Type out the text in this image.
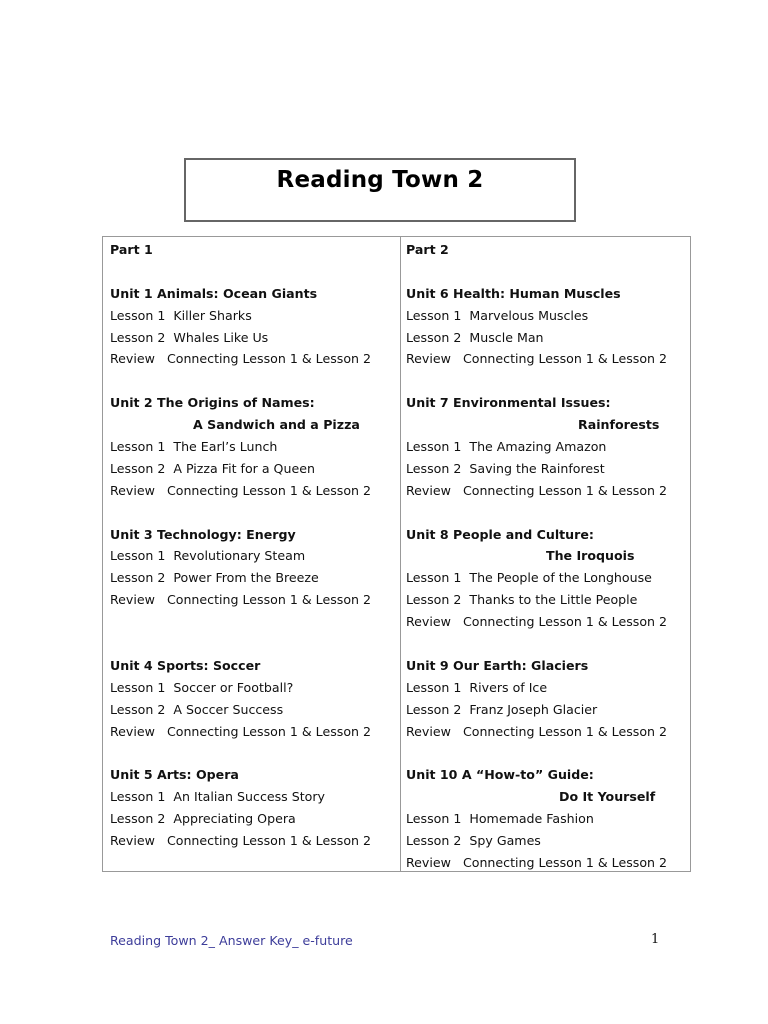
Reading Town 2
Part 1
Unit 1 Animals: Ocean Giants
Lesson 1  Killer Sharks
Lesson 2  Whales Like Us
Review   Connecting Lesson 1 & Lesson 2
Unit 2 The Origins of Names:
A Sandwich and a Pizza
Lesson 1  The Earl’s Lunch
Lesson 2  A Pizza Fit for a Queen
Review   Connecting Lesson 1 & Lesson 2
Unit 3 Technology: Energy
Lesson 1  Revolutionary Steam
Lesson 2  Power From the Breeze
Review   Connecting Lesson 1 & Lesson 2
Unit 4 Sports: Soccer
Lesson 1  Soccer or Football?
Lesson 2  A Soccer Success
Review   Connecting Lesson 1 & Lesson 2
Unit 5 Arts: Opera
Lesson 1  An Italian Success Story
Lesson 2  Appreciating Opera
Review   Connecting Lesson 1 & Lesson 2
Part 2
Unit 6 Health: Human Muscles
Lesson 1  Marvelous Muscles
Lesson 2  Muscle Man
Review   Connecting Lesson 1 & Lesson 2
Unit 7 Environmental Issues:
Rainforests
Lesson 1  The Amazing Amazon
Lesson 2  Saving the Rainforest
Review   Connecting Lesson 1 & Lesson 2
Unit 8 People and Culture:
The Iroquois
Lesson 1  The People of the Longhouse
Lesson 2  Thanks to the Little People
Review   Connecting Lesson 1 & Lesson 2
Unit 9 Our Earth: Glaciers
Lesson 1  Rivers of Ice
Lesson 2  Franz Joseph Glacier
Review   Connecting Lesson 1 & Lesson 2
Unit 10 A “How-to” Guide:
Do It Yourself
Lesson 1  Homemade Fashion
Lesson 2  Spy Games
Review   Connecting Lesson 1 & Lesson 2
Reading Town 2_ Answer Key_ e-future	1
